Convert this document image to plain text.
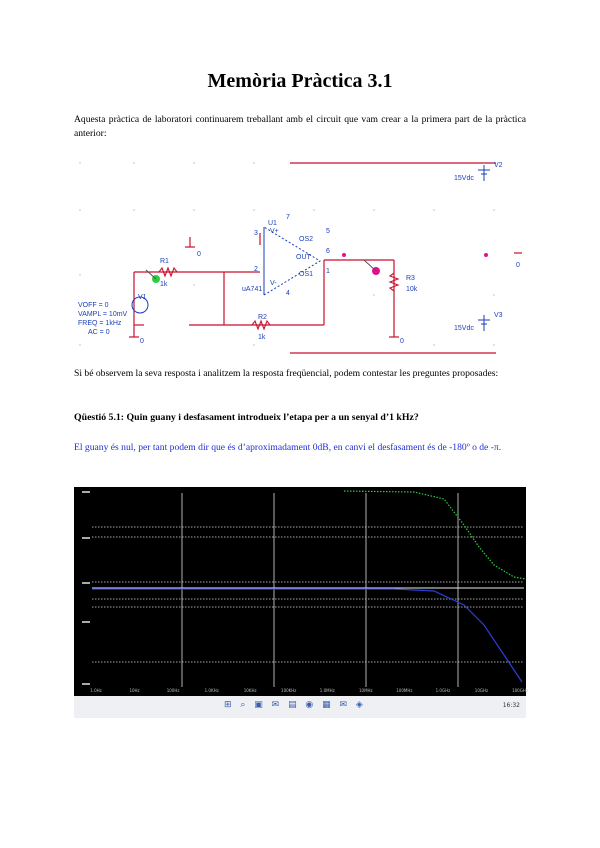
Memòria Pràctica 3.1
Aquesta pràctica de laboratori continuarem treballant amb el circuit que vam crear a la primera part de la pràctica anterior:
V2
15Vdc
V3
15Vdc
U1
uA741
R1
1k
R2
1k
R3
10k
V1
VOFF = 0
VAMPL = 10mV
FREQ = 1kHz
AC = 0
0
0	0
0
OS2
OS1
OUT
7
3
2
4
5
6
1
V+
V-
Si bé observem la seva resposta i analitzem la resposta freqüencial, podem contestar les preguntes proposades:
Qüestió 5.1: Quin guany i desfasament introdueix l’etapa per a un senyal d’1 kHz?
El guany és nul, per tant podem dir que és d’aproximadament 0dB, en canvi el desfasament és de -180º o de -π.
1.0Hz	10Hz	100Hz	1.0KHz	10KHz	100KHz	1.0MHz	10MHz	100MHz	1.0GHz	10GHz	100GHz
⊞ ⌕ ▣ ✉ ▤ ◉ ▦ ✉ ◈	16:32
